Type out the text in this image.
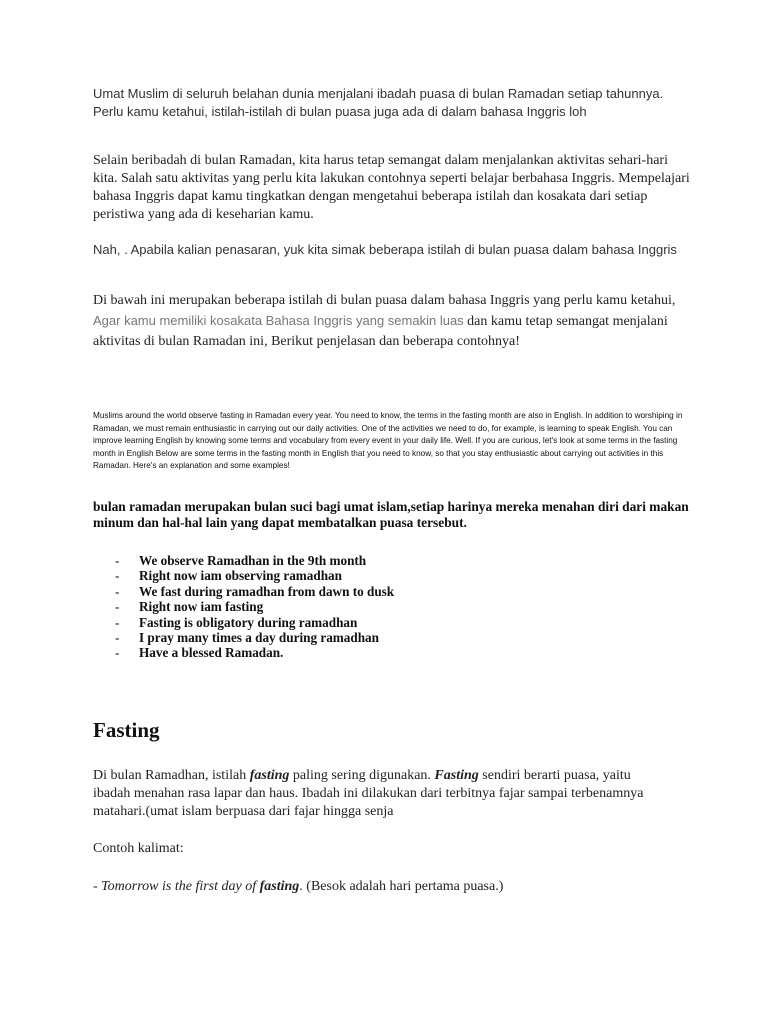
Umat Muslim di seluruh belahan dunia menjalani ibadah puasa di bulan Ramadan setiap tahunnya. Perlu kamu ketahui, istilah-istilah di bulan puasa juga ada di dalam bahasa Inggris loh

Selain beribadah di bulan Ramadan, kita harus tetap semangat dalam menjalankan aktivitas sehari-hari kita. Salah satu aktivitas yang perlu kita lakukan contohnya seperti belajar berbahasa Inggris. Mempelajari bahasa Inggris dapat kamu tingkatkan dengan mengetahui beberapa istilah dan kosakata dari setiap peristiwa yang ada di keseharian kamu.

Nah, . Apabila kalian penasaran, yuk kita simak beberapa istilah di bulan puasa dalam bahasa Inggris

Di bawah ini merupakan beberapa istilah di bulan puasa dalam bahasa Inggris yang perlu kamu ketahui, Agar kamu memiliki kosakata Bahasa Inggris yang semakin luas dan kamu tetap semangat menjalani aktivitas di bulan Ramadan ini, Berikut penjelasan dan beberapa contohnya!

Muslims around the world observe fasting in Ramadan every year. You need to know, the terms in the fasting month are also in English. In addition to worshiping in Ramadan, we must remain enthusiastic in carrying out our daily activities. One of the activities we need to do, for example, is learning to speak English. You can improve learning English by knowing some terms and vocabulary from every event in your daily life. Well. If you are curious, let's look at some terms in the fasting month in English Below are some terms in the fasting month in English that you need to know, so that you stay enthusiastic about carrying out activities in this Ramadan. Here's an explanation and some examples!

bulan ramadan merupakan bulan suci bagi umat islam,setiap harinya mereka menahan diri dari makan minum dan hal-hal lain yang dapat membatalkan puasa tersebut.

- We observe Ramadhan in the 9th month
- Right now iam observing ramadhan
- We fast during ramadhan from dawn to dusk
- Right now iam fasting
- Fasting is obligatory during ramadhan
- I pray many times a day during ramadhan
- Have a blessed Ramadan.
Fasting

Di bulan Ramadhan, istilah fasting paling sering digunakan. Fasting sendiri berarti puasa, yaitu ibadah menahan rasa lapar dan haus. Ibadah ini dilakukan dari terbitnya fajar sampai terbenamnya matahari.(umat islam berpuasa dari fajar hingga senja

Contoh kalimat:

- Tomorrow is the first day of fasting. (Besok adalah hari pertama puasa.)
